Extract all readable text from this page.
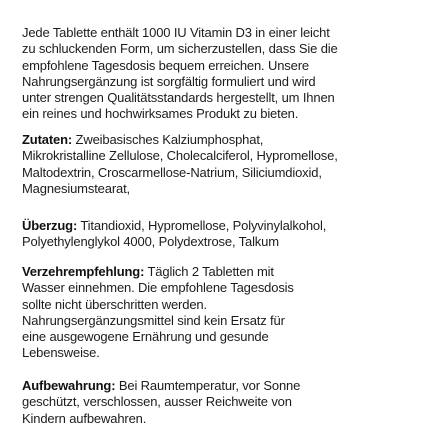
Jede Tablette enthält 1000 IU Vitamin D3 in einer leicht
zu schluckenden Form, um sicherzustellen, dass Sie die
empfohlene Tagesdosis bequem erreichen. Unsere
Nahrungsergänzung ist sorgfältig formuliert und wird
unter strengen Qualitätsstandards hergestellt, um Ihnen
ein reines und hochwirksames Produkt zu bieten.

Zutaten: Zweibasisches Kalziumphosphat,
Mikrokristalline Zellulose, Cholecalciferol, Hypromellose,
Maltodextrin, Croscarmellose-Natrium, Siliciumdioxid,
Magnesiumstearat,

Überzug: Titandioxid, Hypromellose, Polyvinylalkohol,
Polyethylenglykol 4000, Polydextrose, Talkum

Verzehrempfehlung: Täglich 2 Tabletten mit
Wasser einnehmen. Die empfohlene Tagesdosis
sollte nicht überschritten werden.
Nahrungsergänzungsmittel sind kein Ersatz für
eine ausgewogene Ernährung und gesunde
Lebensweise.

Aufbewahrung: Bei Raumtemperatur, vor Sonne
geschützt, verschlossen, ausser Reichweite von
Kindern aufbewahren.
